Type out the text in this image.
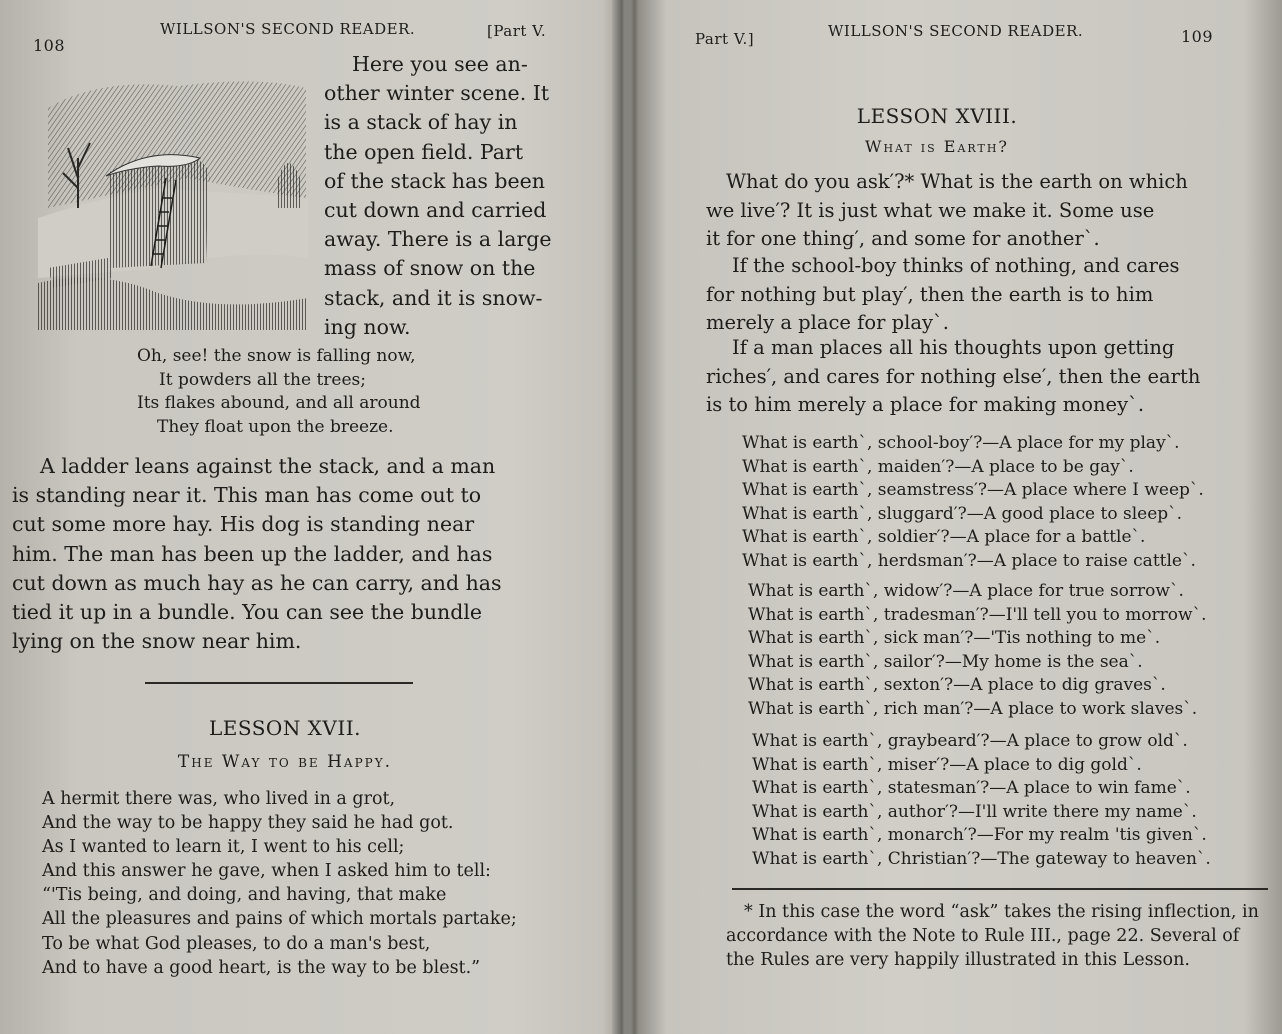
108
WILLSON'S SECOND READER.	[Part V.
Here you see an-
other winter scene. It
is a stack of hay in
the open field. Part
of the stack has been
cut down and carried
away. There is a large
mass of snow on the
stack, and it is snow-
ing now.
Oh, see! the snow is falling now,
It powders all the trees;
Its flakes abound, and all around
They float upon the breeze.
A ladder leans against the stack, and a man
is standing near it. This man has come out to
cut some more hay. His dog is standing near
him. The man has been up the ladder, and has
cut down as much hay as he can carry, and has
tied it up in a bundle. You can see the bundle
lying on the snow near him.
LESSON XVII.
The Way to be Happy.
A hermit there was, who lived in a grot,
And the way to be happy they said he had got.
As I wanted to learn it, I went to his cell;
And this answer he gave, when I asked him to tell:
“'Tis being, and doing, and having, that make
All the pleasures and pains of which mortals partake;
To be what God pleases, to do a man's best,
And to have a good heart, is the way to be blest.”
Part V.]	WILLSON'S SECOND READER.	109
LESSON XVIII.
What is Earth?
What do you ask′?* What is the earth on which
we live′? It is just what we make it. Some use
it for one thing′, and some for anotherˋ.
If the school-boy thinks of nothing, and cares
for nothing but play′, then the earth is to him
merely a place for playˋ.
If a man places all his thoughts upon getting
riches′, and cares for nothing else′, then the earth
is to him merely a place for making moneyˋ.
What is earthˋ, school-boy′?—A place for my playˋ.
What is earthˋ, maiden′?—A place to be gayˋ.
What is earthˋ, seamstress′?—A place where I weepˋ.
What is earthˋ, sluggard′?—A good place to sleepˋ.
What is earthˋ, soldier′?—A place for a battleˋ.
What is earthˋ, herdsman′?—A place to raise cattleˋ.
What is earthˋ, widow′?—A place for true sorrowˋ.
What is earthˋ, tradesman′?—I'll tell you to morrowˋ.
What is earthˋ, sick man′?—'Tis nothing to meˋ.
What is earthˋ, sailor′?—My home is the seaˋ.
What is earthˋ, sexton′?—A place to dig gravesˋ.
What is earthˋ, rich man′?—A place to work slavesˋ.
What is earthˋ, graybeard′?—A place to grow oldˋ.
What is earthˋ, miser′?—A place to dig goldˋ.
What is earthˋ, statesman′?—A place to win fameˋ.
What is earthˋ, author′?—I'll write there my nameˋ.
What is earthˋ, monarch′?—For my realm 'tis givenˋ.
What is earthˋ, Christian′?—The gateway to heavenˋ.
* In this case the word “ask” takes the rising inflection, in
accordance with the Note to Rule III., page 22. Several of
the Rules are very happily illustrated in this Lesson.
